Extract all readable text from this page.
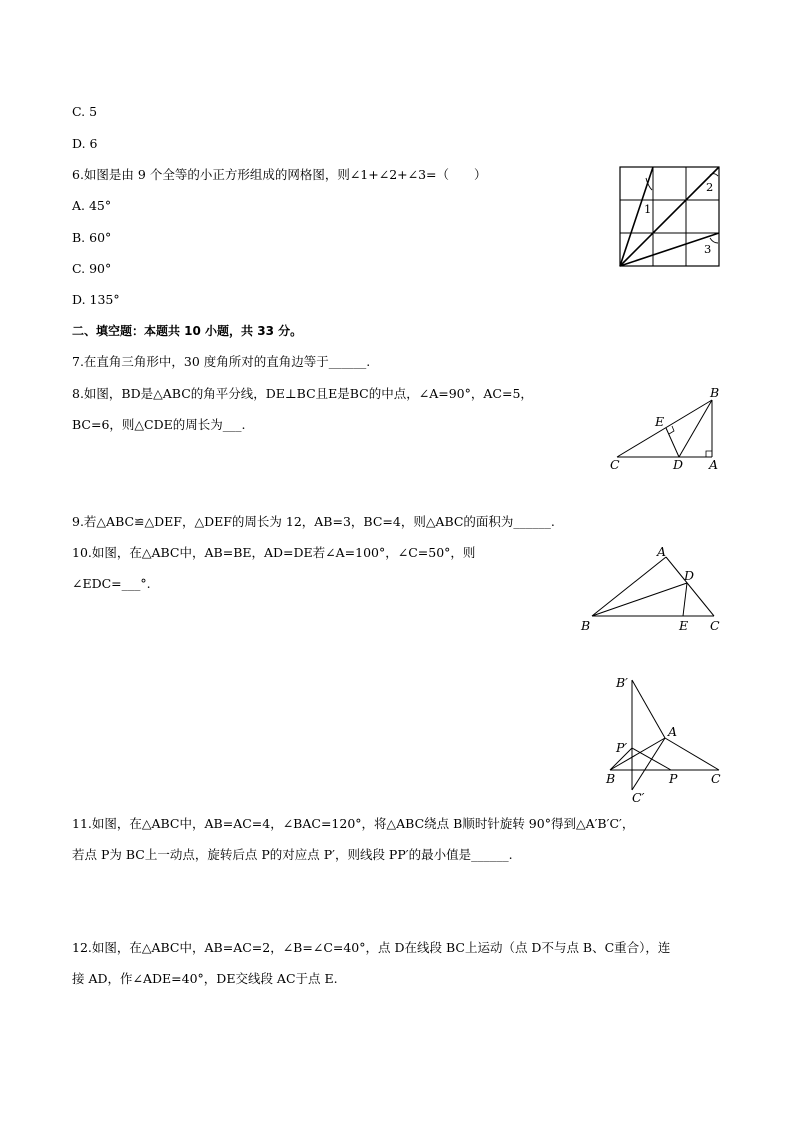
C. 5
D. 6
6.如图是由 9 个全等的小正方形组成的网格图，则∠1+∠2+∠3=（　　）
A. 45°
B. 60°
C. 90°
D. 135°
二、填空题：本题共 10 小题，共 33 分。
7.在直角三角形中，30 度角所对的直角边等于______.
8.如图，BD是△ABC的角平分线，DE⊥BC且E是BC的中点，∠A=90°，AC=5，
BC=6，则△CDE的周长为___.
9.若△ABC≌△DEF，△DEF的周长为 12，AB=3，BC=4，则△ABC的面积为______.
10.如图，在△ABC中，AB=BE，AD=DE若∠A=100°，∠C=50°，则
∠EDC=___°.
11.如图，在△ABC中，AB=AC=4，∠BAC=120°，将△ABC绕点 B顺时针旋转 90°得到△A′B′C′，
若点 P为 BC上一动点，旋转后点 P的对应点 P′，则线段 PP′的最小值是______.
12.如图，在△ABC中，AB=AC=2，∠B=∠C=40°，点 D在线段 BC上运动（点 D不与点 B、C重合），连
接 AD，作∠ADE=40°，DE交线段 AC于点 E.
1
2
3
B
E
C	D A
A
D
B	E C
B′
P′
A
B	P	C
C′
